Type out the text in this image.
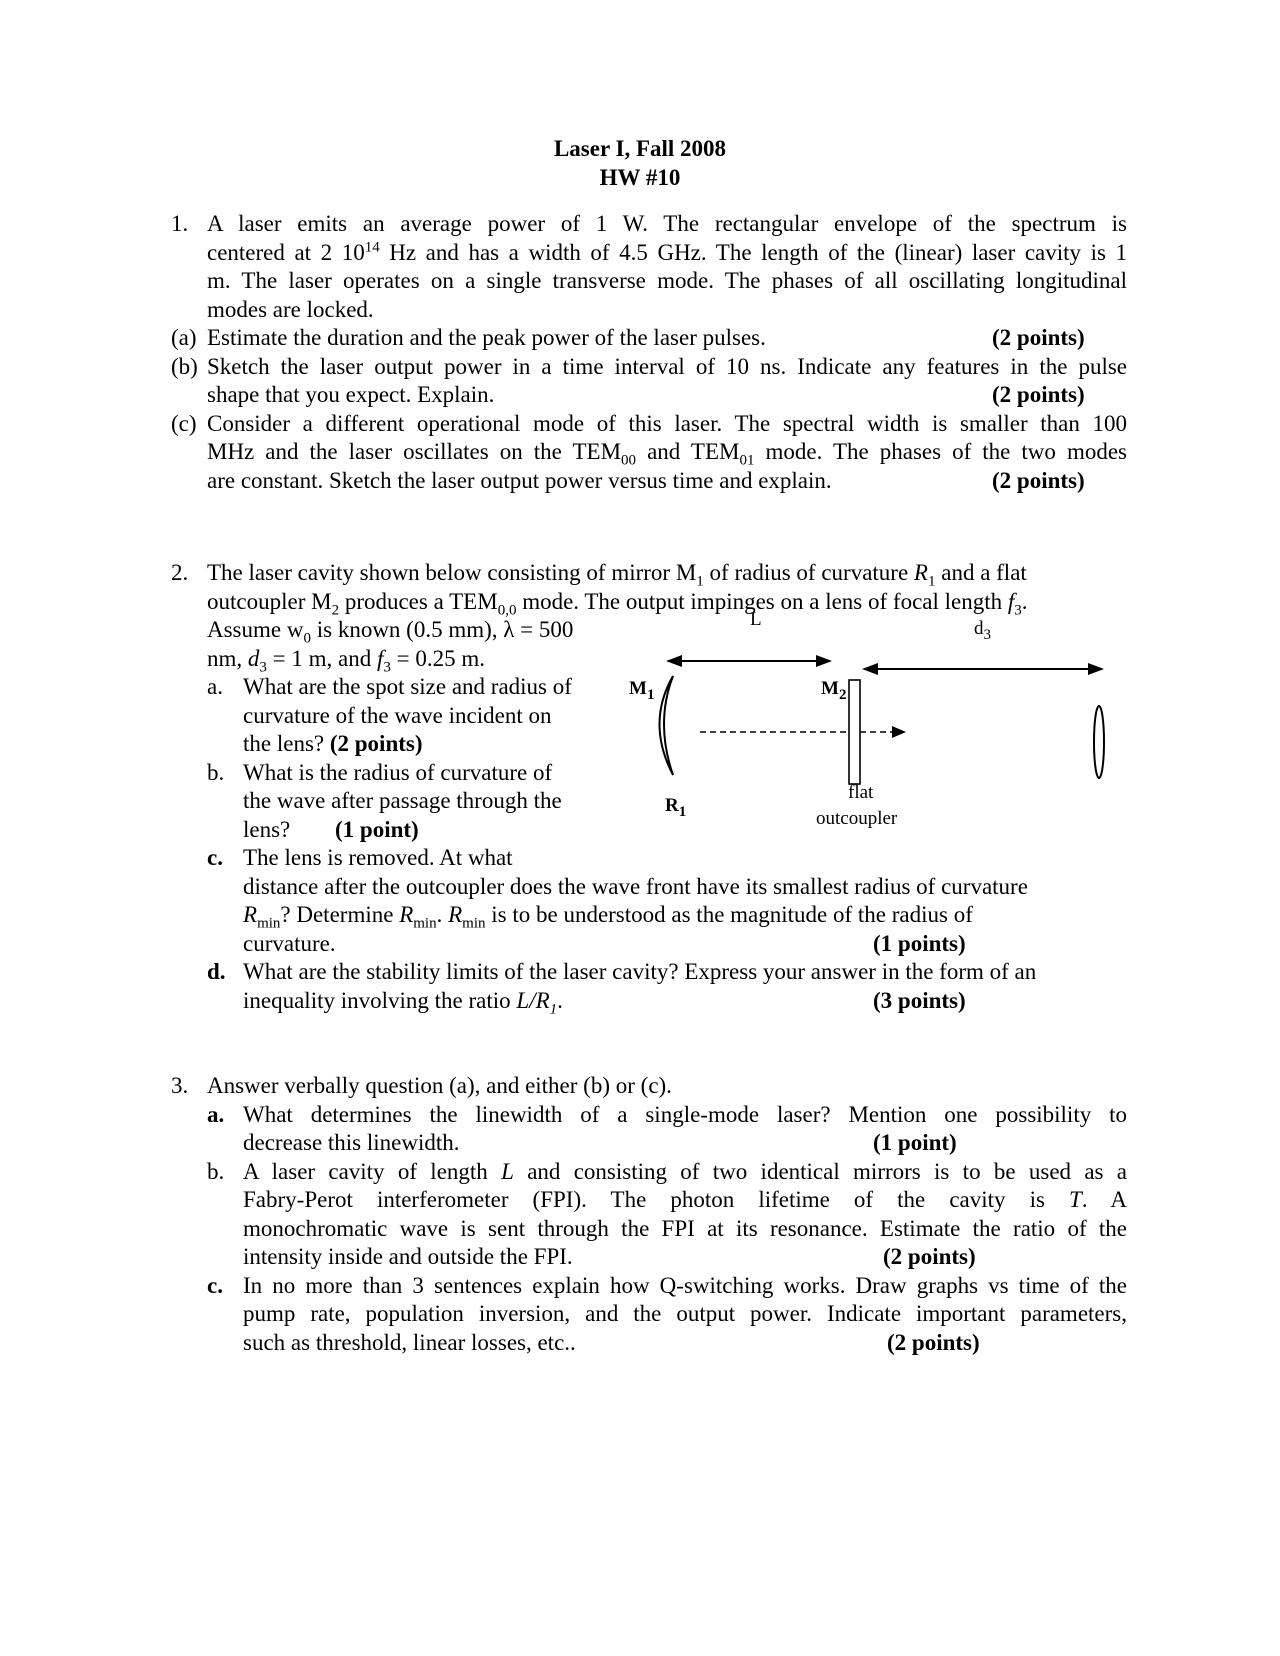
Laser I, Fall 2008
HW #10
1. A laser emits an average power of 1 W. The rectangular envelope of the spectrum is
centered at 2 $10^{14}$ Hz and has a width of 4.5 GHz. The length of the (linear) laser cavity is 1
m. The laser operates on a single transverse mode. The phases of all oscillating longitudinal
modes are locked.
(a) Estimate the duration and the peak power of the laser pulses.	(2 points)
(b) Sketch the laser output power in a time interval of 10 ns. Indicate any features in the pulse
shape that you expect. Explain.	(2 points)
(c) Consider a different operational mode of this laser. The spectral width is smaller than 100
MHz and the laser oscillates on the $TEM_{00}$ and $TEM_{01}$ mode. The phases of the two modes
are constant. Sketch the laser output power versus time and explain.	(2 points)
2. The laser cavity shown below consisting of mirror $M_1$ of radius of curvature $R_1$ and a flat
outcoupler $M_2$ produces a $TEM_{0,0}$ mode. The output impinges on a lens of focal length $f_3$.
Assume $w_0$ is known (0.5 mm), λ = 500
nm, $d_3 = 1$ m, and $f_3 = 0.25$ m.
a. What are the spot size and radius of
curvature of the wave incident on
the lens? (2 points)
b. What is the radius of curvature of
the wave after passage through the
lens?	(1 point)
c. The lens is removed. At what
distance after the outcoupler does the wave front have its smallest radius of curvature
$R_{min}$? Determine $R_{min}$. $R_{min}$ is to be understood as the magnitude of the radius of
curvature.	(1 points)
d. What are the stability limits of the laser cavity? Express your answer in the form of an
inequality involving the ratio $L/R_1$.	(3 points)
L	$d_3$
$M_1$	$M_2$
$R_1$
flat
outcoupler
3. Answer verbally question (a), and either (b) or (c).
a. What determines the linewidth of a single-mode laser? Mention one possibility to
decrease this linewidth.	(1 point)
b. A laser cavity of length L and consisting of two identical mirrors is to be used as a
Fabry-Perot interferometer (FPI). The photon lifetime of the cavity is T. A
monochromatic wave is sent through the FPI at its resonance. Estimate the ratio of the
intensity inside and outside the FPI.	(2 points)
c. In no more than 3 sentences explain how Q-switching works. Draw graphs vs time of the
pump rate, population inversion, and the output power. Indicate important parameters,
such as threshold, linear losses, etc..	(2 points)
